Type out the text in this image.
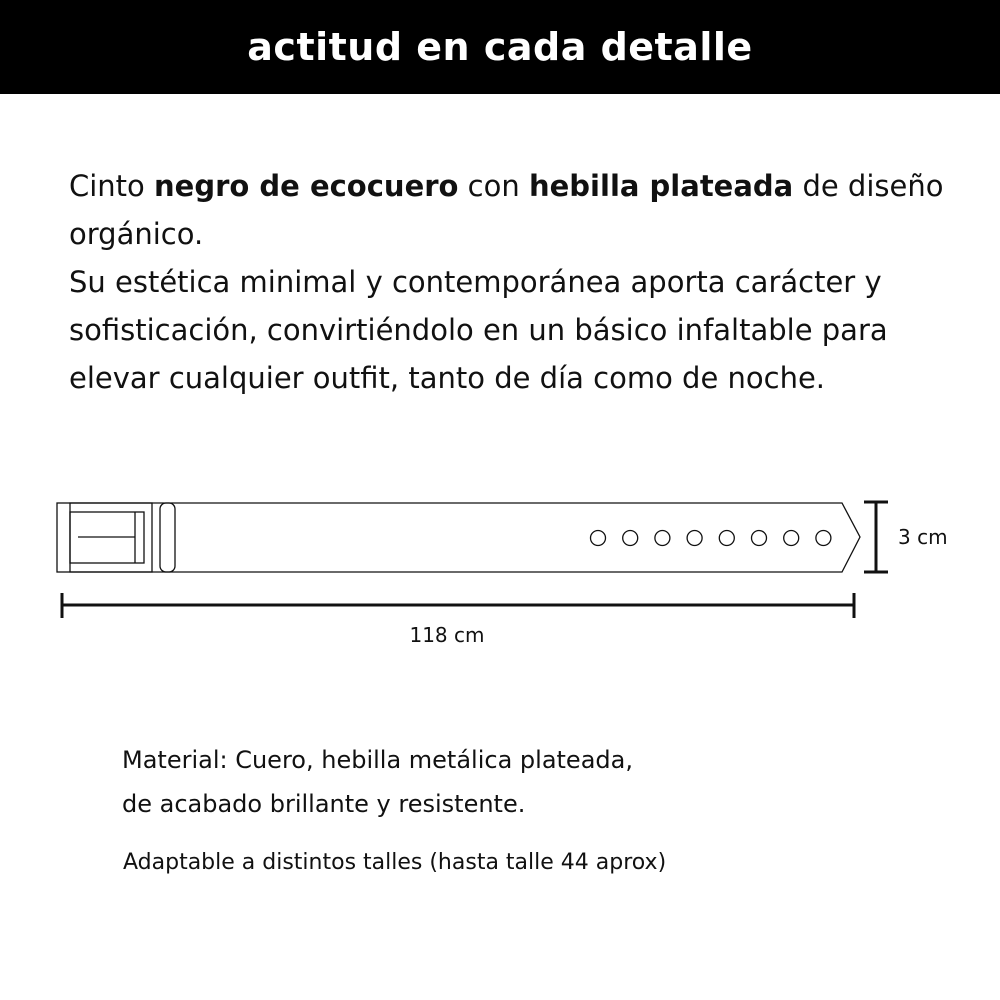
actitud en cada detalle

Cinto negro de ecocuero con hebilla plateada de diseño orgánico.

Su estética minimal y contemporánea aporta carácter y sofisticación, convirtiéndolo en un básico infaltable para elevar cualquier outfit, tanto de día como de noche.

3 cm
118 cm

Material: Cuero, hebilla metálica plateada,

de acabado brillante y resistente.

Adaptable a distintos talles (hasta talle 44 aprox)
